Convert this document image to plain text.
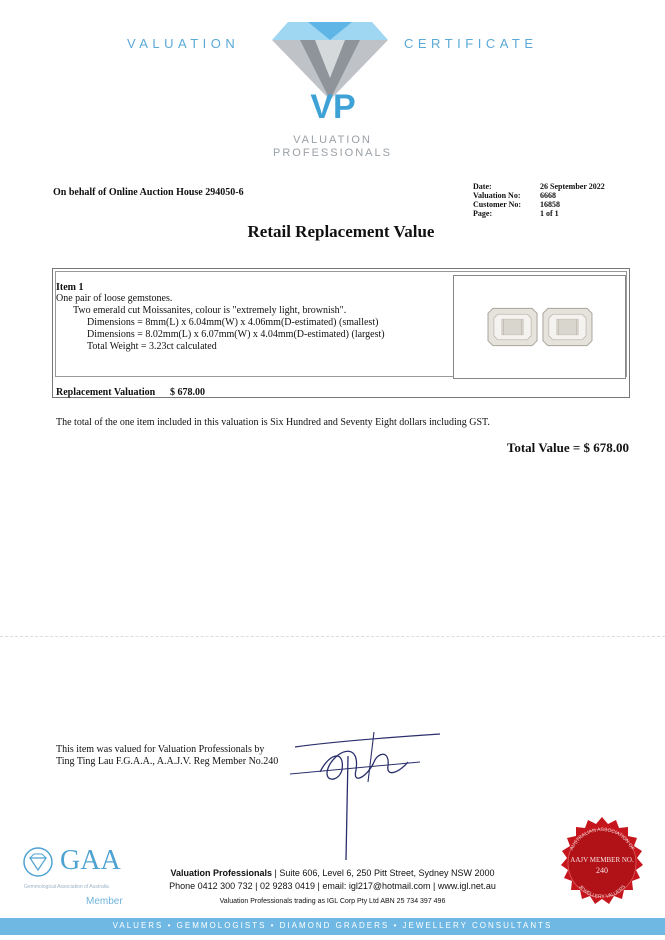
VALUATION	CERTIFICATE
VP
VALUATION
PROFESSIONALS
On behalf of Online Auction House 294050-6
Date:	26 September 2022
Valuation No: 6668
Customer No: 16858
Page:	1 of 1
Retail Replacement Value
Item 1
One pair of loose gemstones.
Two emerald cut Moissanites, colour is "extremely light, brownish".
Dimensions = 8mm(L) x 6.04mm(W) x 4.06mm(D-estimated) (smallest)
Dimensions = 8.02mm(L) x 6.07mm(W) x 4.04mm(D-estimated) (largest)
Total Weight = 3.23ct calculated
Replacement Valuation $ 678.00
The total of the one item included in this valuation is Six Hundred and Seventy Eight dollars including GST.
Total Value = $ 678.00
This item was valued for Valuation Professionals by
Ting Ting Lau F.G.A.A., A.A.J.V. Reg Member No.240
GAA
Gemmological Association of Australia
Member
Valuation Professionals | Suite 606, Level 6, 250 Pitt Street, Sydney NSW 2000
Phone 0412 300 732 | 02 9283 0419 | email: igl217@hotmail.com | www.igl.net.au
Valuation Professionals trading as IGL Corp Pty Ltd ABN 25 734 397 496
AUSTRALIAN ASSOCIATION OF
JEWELLERY VALUERS
AAJV MEMBER NO.
240
VALUERS • GEMMOLOGISTS • DIAMOND GRADERS • JEWELLERY CONSULTANTS
